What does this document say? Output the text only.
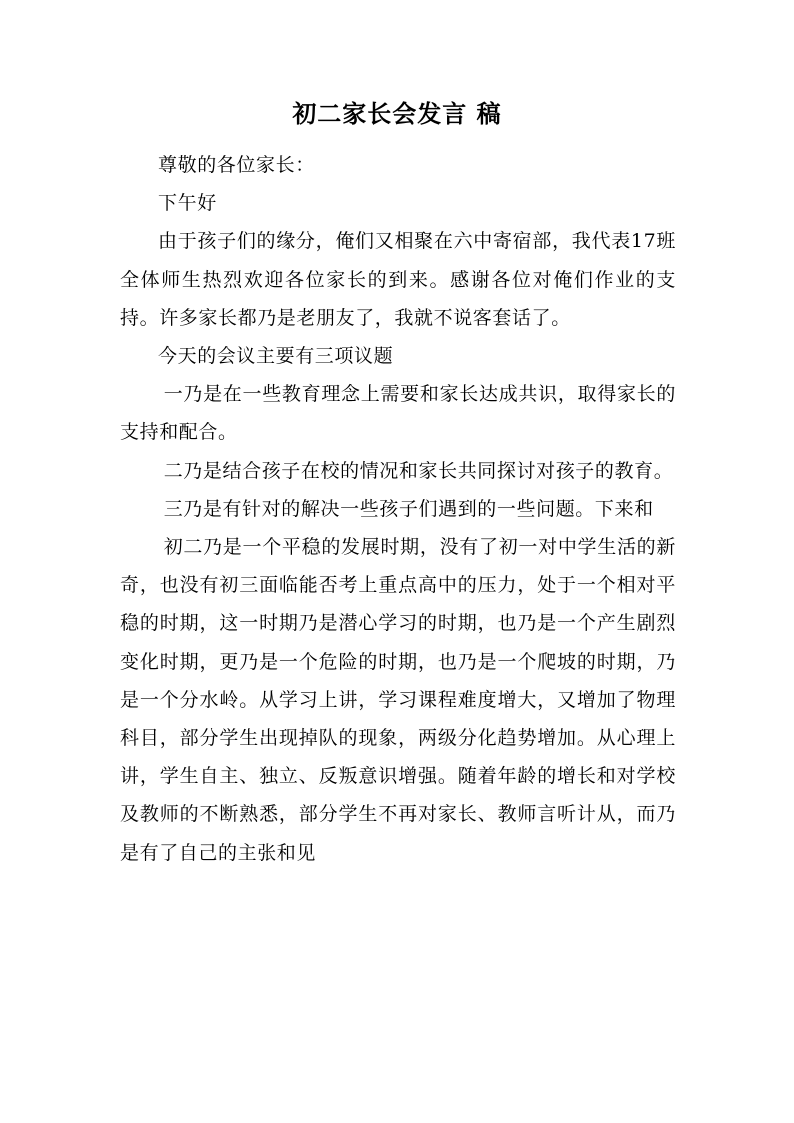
初二家长会发言 稿

尊敬的各位家长：

下午好

由于孩子们的缘分，俺们又相聚在六中寄宿部，我代表17班全体师生热烈欢迎各位家长的到来。感谢各位对俺们作业的支持。许多家长都乃是老朋友了，我就不说客套话了。

今天的会议主要有三项议题

一乃是在一些教育理念上需要和家长达成共识，取得家长的支持和配合。

二乃是结合孩子在校的情况和家长共同探讨对孩子的教育。

三乃是有针对的解决一些孩子们遇到的一些问题。下来和

初二乃是一个平稳的发展时期，没有了初一对中学生活的新奇，也没有初三面临能否考上重点高中的压力，处于一个相对平稳的时期，这一时期乃是潜心学习的时期，也乃是一个产生剧烈变化时期，更乃是一个危险的时期，也乃是一个爬坡的时期，乃是一个分水岭。从学习上讲，学习课程难度增大，又增加了物理科目，部分学生出现掉队的现象，两级分化趋势增加。从心理上讲，学生自主、独立、反叛意识增强。随着年龄的增长和对学校及教师的不断熟悉，部分学生不再对家长、教师言听计从，而乃是有了自己的主张和见
